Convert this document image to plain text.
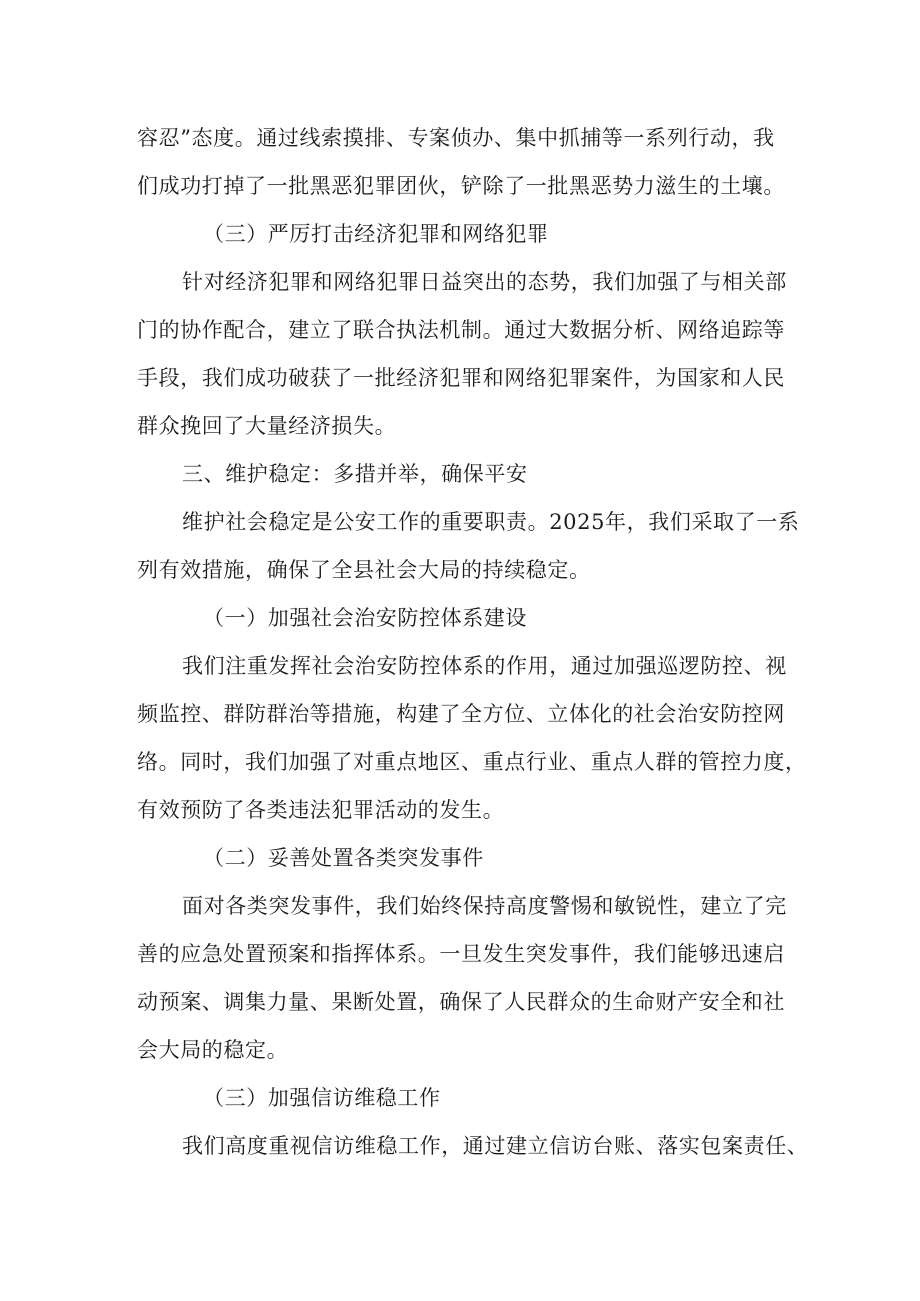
容忍”态度。通过线索摸排、专案侦办、集中抓捕等一系列行动，我
们成功打掉了一批黑恶犯罪团伙，铲除了一批黑恶势力滋生的土壤。
（三）严厉打击经济犯罪和网络犯罪
针对经济犯罪和网络犯罪日益突出的态势，我们加强了与相关部
门的协作配合，建立了联合执法机制。通过大数据分析、网络追踪等
手段，我们成功破获了一批经济犯罪和网络犯罪案件，为国家和人民
群众挽回了大量经济损失。
三、维护稳定：多措并举，确保平安
维护社会稳定是公安工作的重要职责。2025年，我们采取了一系
列有效措施，确保了全县社会大局的持续稳定。
（一）加强社会治安防控体系建设
我们注重发挥社会治安防控体系的作用，通过加强巡逻防控、视
频监控、群防群治等措施，构建了全方位、立体化的社会治安防控网
络。同时，我们加强了对重点地区、重点行业、重点人群的管控力度，
有效预防了各类违法犯罪活动的发生。
（二）妥善处置各类突发事件
面对各类突发事件，我们始终保持高度警惕和敏锐性，建立了完
善的应急处置预案和指挥体系。一旦发生突发事件，我们能够迅速启
动预案、调集力量、果断处置，确保了人民群众的生命财产安全和社
会大局的稳定。
（三）加强信访维稳工作
我们高度重视信访维稳工作，通过建立信访台账、落实包案责任、
